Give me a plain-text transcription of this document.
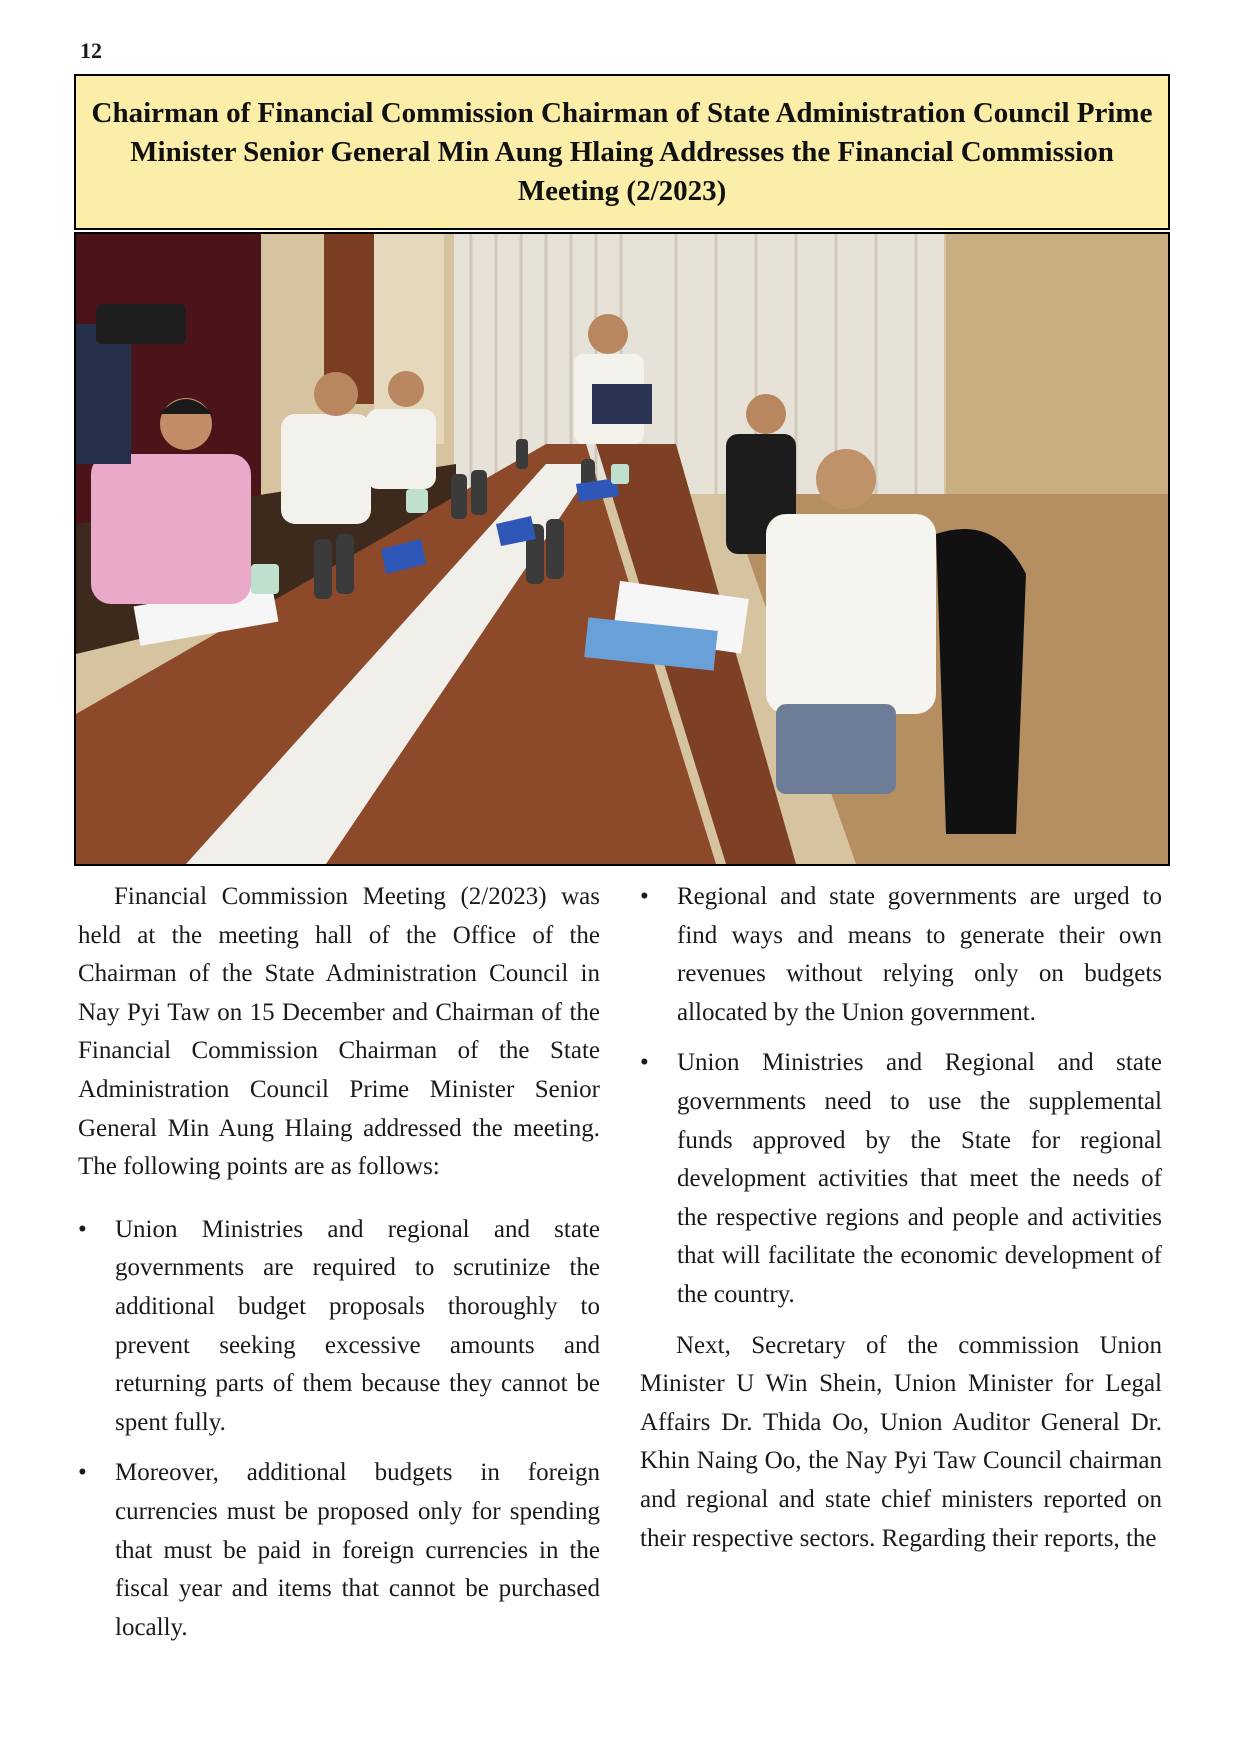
12
Chairman of Financial Commission Chairman of State Administration Council Prime Minister Senior General Min Aung Hlaing Addresses the Financial Commission Meeting (2/2023)

Financial Commission Meeting (2/2023) was held at the meeting hall of the Office of the Chairman of the State Administration Council in Nay Pyi Taw on 15 December and Chairman of the Financial Commission Chairman of the State Administration Council Prime Minister Senior General Min Aung Hlaing addressed the meeting. The following points are as follows:

•	Union Ministries and regional and state governments are required to scrutinize the additional budget proposals thoroughly to prevent seeking excessive amounts and returning parts of them because they cannot be spent fully.
•	Moreover, additional budgets in foreign currencies must be proposed only for spending that must be paid in foreign currencies in the fiscal year and items that cannot be purchased locally.
•	Regional and state governments are urged to find ways and means to generate their own revenues without relying only on budgets allocated by the Union government.
•	Union Ministries and Regional and state governments need to use the supplemental funds approved by the State for regional development activities that meet the needs of the respective regions and people and activities that will facilitate the economic development of the country.

Next, Secretary of the commission Union Minister U Win Shein, Union Minister for Legal Affairs Dr. Thida Oo, Union Auditor General Dr. Khin Naing Oo, the Nay Pyi Taw Council chairman and regional and state chief ministers reported on their respective sectors. Regarding their reports, the
